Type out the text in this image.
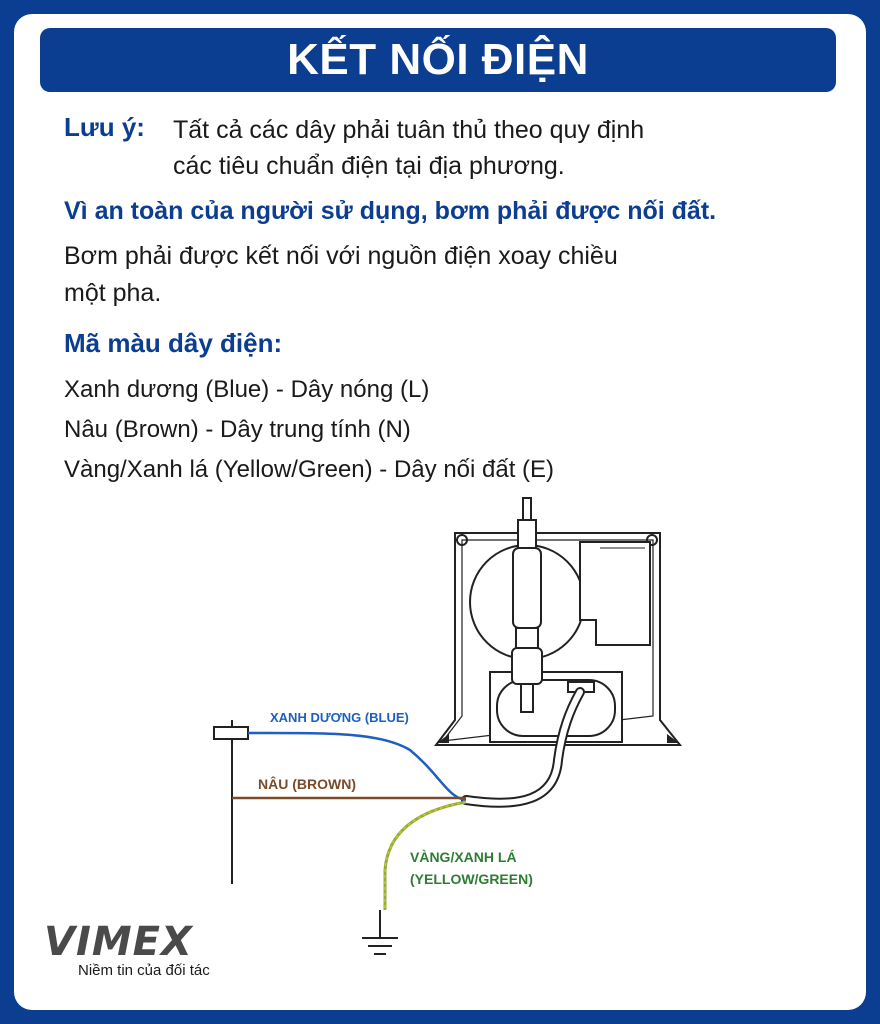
KẾT NỐI ĐIỆN
Lưu ý: Tất cả các dây phải tuân thủ theo quy định
các tiêu chuẩn điện tại địa phương.
Vì an toàn của người sử dụng, bơm phải được nối đất.
Bơm phải được kết nối với nguồn điện xoay chiều
một pha.
Mã màu dây điện:
Xanh dương (Blue) - Dây nóng (L)
Nâu (Brown) - Dây trung tính (N)
Vàng/Xanh lá (Yellow/Green) - Dây nối đất (E)
XANH DƯƠNG (BLUE)
NÂU (BROWN)
VÀNG/XANH LÁ
(YELLOW/GREEN)
VIMEX
Niềm tin của đối tác
